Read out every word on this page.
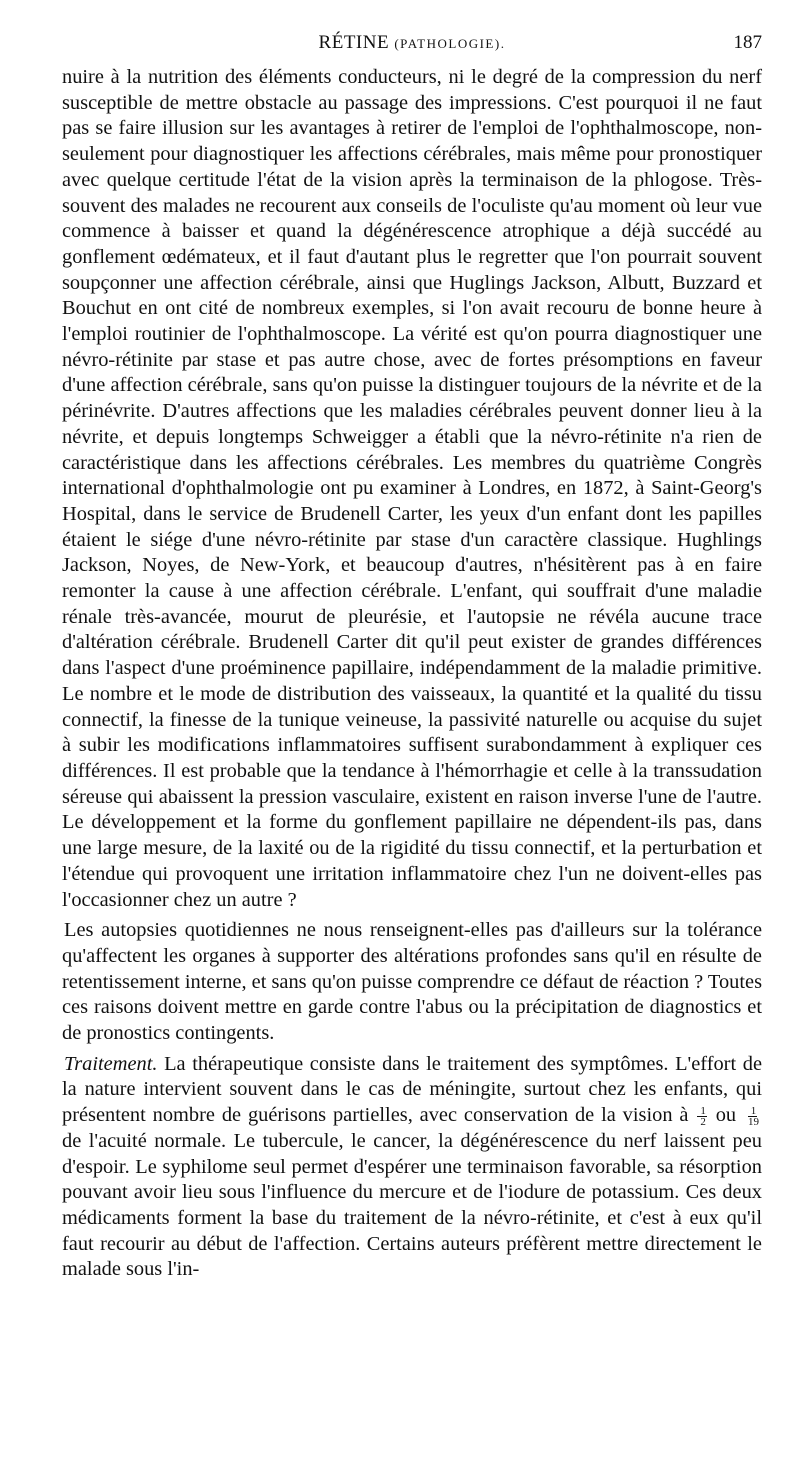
RÉTINE (PATHOLOGIE).	187

nuire à la nutrition des éléments conducteurs, ni le degré de la compression du nerf susceptible de mettre obstacle au passage des impressions. C'est pourquoi il ne faut pas se faire illusion sur les avantages à retirer de l'emploi de l'ophthalmoscope, non-seulement pour diagnostiquer les affections cérébrales, mais même pour pronostiquer avec quelque certitude l'état de la vision après la terminaison de la phlogose. Très-souvent des malades ne recourent aux conseils de l'oculiste qu'au moment où leur vue commence à baisser et quand la dégénérescence atrophique a déjà succédé au gonflement œdémateux, et il faut d'autant plus le regretter que l'on pourrait souvent soupçonner une affection cérébrale, ainsi que Huglings Jackson, Albutt, Buzzard et Bouchut en ont cité de nombreux exemples, si l'on avait recouru de bonne heure à l'emploi routinier de l'ophthalmoscope. La vérité est qu'on pourra diagnostiquer une névro-rétinite par stase et pas autre chose, avec de fortes présomptions en faveur d'une affection cérébrale, sans qu'on puisse la distinguer toujours de la névrite et de la périnévrite. D'autres affections que les maladies cérébrales peuvent donner lieu à la névrite, et depuis longtemps Schweigger a établi que la névro-rétinite n'a rien de caractéristique dans les affections cérébrales. Les membres du quatrième Congrès international d'ophthalmologie ont pu examiner à Londres, en 1872, à Saint-Georg's Hospital, dans le service de Brudenell Carter, les yeux d'un enfant dont les papilles étaient le siége d'une névro-rétinite par stase d'un caractère classique. Hughlings Jackson, Noyes, de New-York, et beaucoup d'autres, n'hésitèrent pas à en faire remonter la cause à une affection cérébrale. L'enfant, qui souffrait d'une maladie rénale très-avancée, mourut de pleurésie, et l'autopsie ne révéla aucune trace d'altération cérébrale. Brudenell Carter dit qu'il peut exister de grandes différences dans l'aspect d'une proéminence papillaire, indépendamment de la maladie primitive. Le nombre et le mode de distribution des vaisseaux, la quantité et la qualité du tissu connectif, la finesse de la tunique veineuse, la passivité naturelle ou acquise du sujet à subir les modifications inflammatoires suffisent surabondamment à expliquer ces différences. Il est probable que la tendance à l'hémorrhagie et celle à la transsudation séreuse qui abaissent la pression vasculaire, existent en raison inverse l'une de l'autre. Le développement et la forme du gonflement papillaire ne dépendent-ils pas, dans une large mesure, de la laxité ou de la rigidité du tissu connectif, et la perturbation et l'étendue qui provoquent une irritation inflammatoire chez l'un ne doivent-elles pas l'occasionner chez un autre ?

Les autopsies quotidiennes ne nous renseignent-elles pas d'ailleurs sur la tolérance qu'affectent les organes à supporter des altérations profondes sans qu'il en résulte de retentissement interne, et sans qu'on puisse comprendre ce défaut de réaction ? Toutes ces raisons doivent mettre en garde contre l'abus ou la précipitation de diagnostics et de pronostics contingents.

Traitement. La thérapeutique consiste dans le traitement des symptômes. L'effort de la nature intervient souvent dans le cas de méningite, surtout chez les enfants, qui présentent nombre de guérisons partielles, avec conservation de la vision à $\frac{1}{2}$ ou $\frac{1}{19}$
de l'acuité normale. Le tubercule, le cancer, la dégénérescence du nerf laissent peu d'espoir. Le syphilome seul permet d'espérer une terminaison favorable, sa résorption pouvant avoir lieu sous l'influence du mercure et de l'iodure de potassium. Ces deux médicaments forment la base du traitement de la névro-rétinite, et c'est à eux qu'il faut recourir au début de l'affection. Certains auteurs préfèrent mettre directement le malade sous l'in-
